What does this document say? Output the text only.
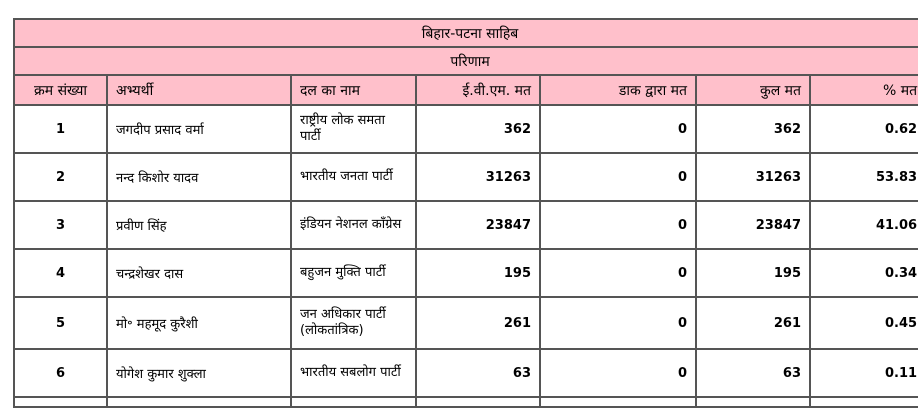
बिहार-पटना साहिब						
परिणाम						
क्रम संख्या	अभ्यर्थी	दल का नाम	ई.वी.एम. मत	डाक द्वारा मत	कुल मत	% मत
1	जगदीप प्रसाद वर्मा	राष्ट्रीय लोक समता पार्टी	362	0	362	0.62
2	नन्द किशोर यादव	भारतीय जनता पार्टी	31263	0	31263	53.83
3	प्रवीण सिंह	इंडियन नेशनल कॉंग्रेस	23847	0	23847	41.06
4	चन्द्रशेखर दास	बहुजन मुक्ति पार्टी	195	0	195	0.34
5	मो॰ महमूद कुरैशी	जन अधिकार पार्टी (लोकतांत्रिक)	261	0	261	0.45
6	योगेश कुमार शुक्ला	भारतीय सबलोग पार्टी	63	0	63	0.11
